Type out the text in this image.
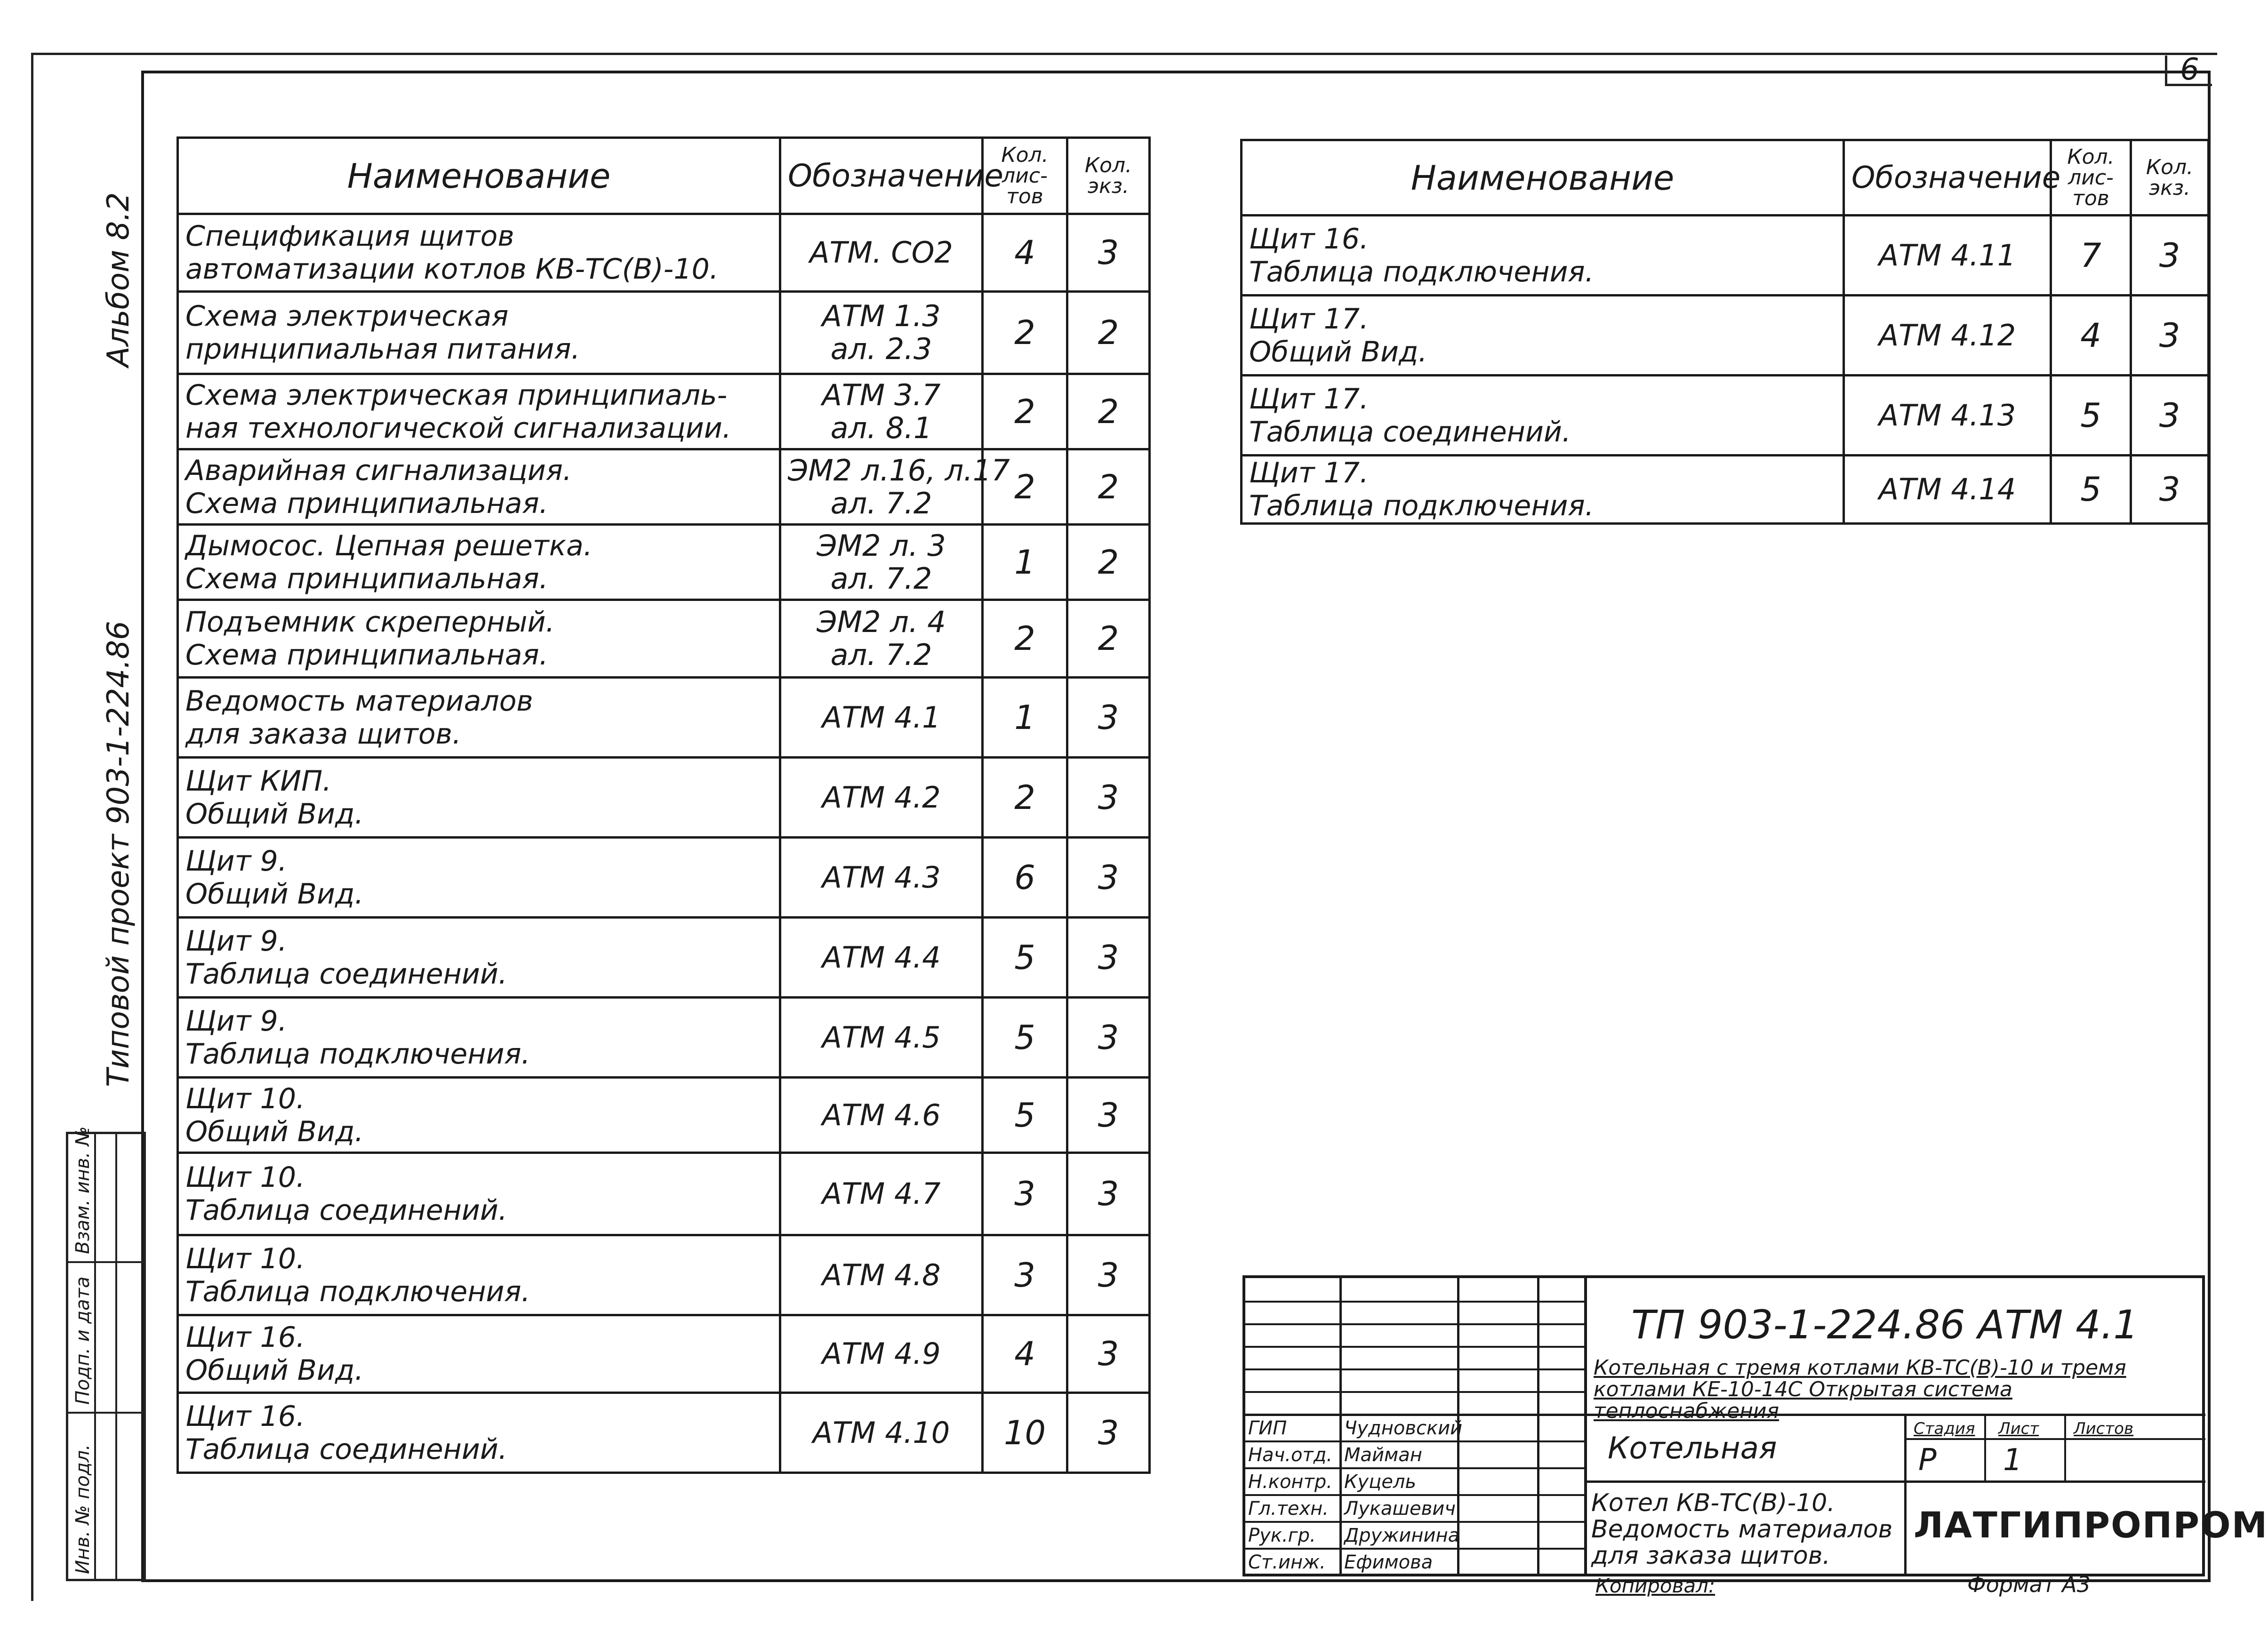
6
Альбом 8.2
Типовой проект 903-1-224.86
Инв. № подл.
Подп. и дата
Взам. инв. №
Наименование	Обозначение	Кол. лис- тов	Кол. экз.

Спецификация щитов
автоматизации котлов КВ-ТС(В)-10.	АТМ. СО2	4	3

Схема электрическая
принципиальная питания.	АТМ 1.3
ал. 2.3	2	2

Схема электрическая принципиаль-
ная технологической сигнализации.	АТМ 3.7
ал. 8.1	2	2

Аварийная сигнализация.
Схема принципиальная.	ЭМ2 л.16, л.17
ал. 7.2	2	2

Дымосос. Цепная решетка.
Схема принципиальная.	ЭМ2 л. 3
ал. 7.2	1	2

Подъемник скреперный.
Схема принципиальная.	ЭМ2 л. 4
ал. 7.2	2	2

Ведомость материалов
для заказа щитов.	АТМ 4.1	1	3

Щит КИП.
Общий Вид.	АТМ 4.2	2	3

Щит 9.
Общий Вид.	АТМ 4.3	6	3

Щит 9.
Таблица соединений.	АТМ 4.4	5	3

Щит 9.
Таблица подключения.	АТМ 4.5	5	3

Щит 10.
Общий Вид.	АТМ 4.6	5	3

Щит 10.
Таблица соединений.	АТМ 4.7	3	3

Щит 10.
Таблица подключения.	АТМ 4.8	3	3

Щит 16.
Общий Вид.	АТМ 4.9	4	3

Щит 16.
Таблица соединений.	АТМ 4.10	10	3
Наименование	Обозначение	Кол. лис- тов	Кол. экз.

Щит 16.
Таблица подключения.	АТМ 4.11	7	3

Щит 17.
Общий Вид.	АТМ 4.12	4	3

Щит 17.
Таблица соединений.	АТМ 4.13	5	3

Щит 17.
Таблица подключения.	АТМ 4.14	5	3
ТП 903-1-224.86 АТМ 4.1
Котельная с тремя котлами КВ-ТС(В)-10 и тремя котлами КЕ-10-14С Открытая система теплоснабжения
Котельная
Котел КВ-ТС(В)-10. Ведомость материалов для заказа щитов.
Стадия Лист Листов
Р 1
ЛАТГИПРОПРОМ
ГИП	Чудновский
Нач.отд. Майман
Н.контр. Куцель
Гл.техн. Лукашевич
Рук.гр. Дружинина
Ст.инж. Ефимова
Копировал:	Формат А3
